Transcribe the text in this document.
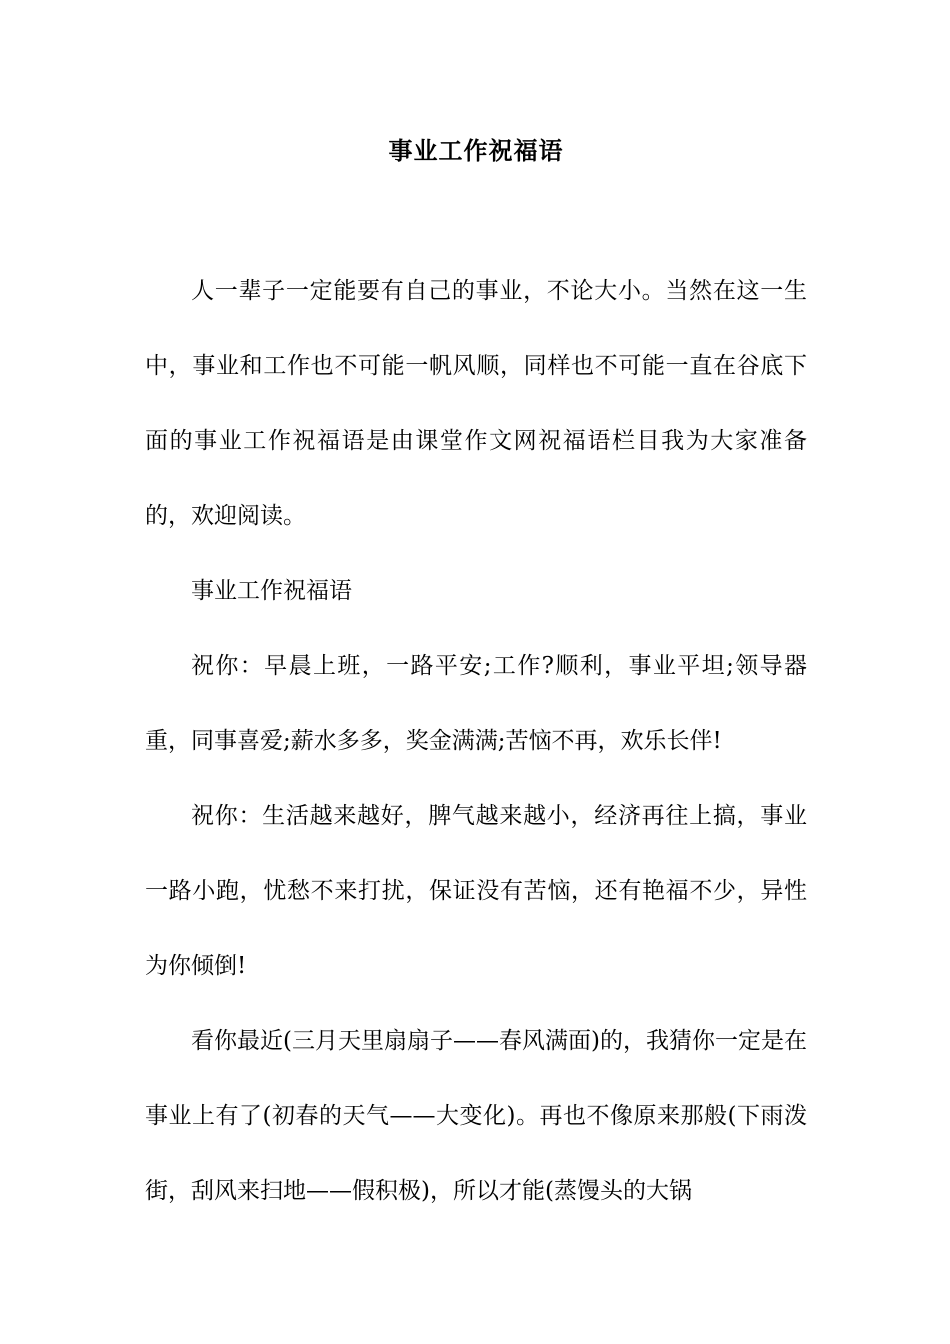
事业工作祝福语

人一辈子一定能要有自己的事业，不论大小。当然在这一生中，事业和工作也不可能一帆风顺，同样也不可能一直在谷底下面的事业工作祝福语是由课堂作文网祝福语栏目我为大家准备的，欢迎阅读。

事业工作祝福语

祝你：早晨上班，一路平安;工作?顺利，事业平坦;领导器重，同事喜爱;薪水多多，奖金满满;苦恼不再，欢乐长伴!

祝你：生活越来越好，脾气越来越小，经济再往上搞，事业一路小跑，忧愁不来打扰，保证没有苦恼，还有艳福不少，异性为你倾倒!

看你最近(三月天里扇扇子——春风满面)的，我猜你一定是在事业上有了(初春的天气——大变化)。再也不像原来那般(下雨泼街，刮风来扫地——假积极)，所以才能(蒸馒头的大锅
